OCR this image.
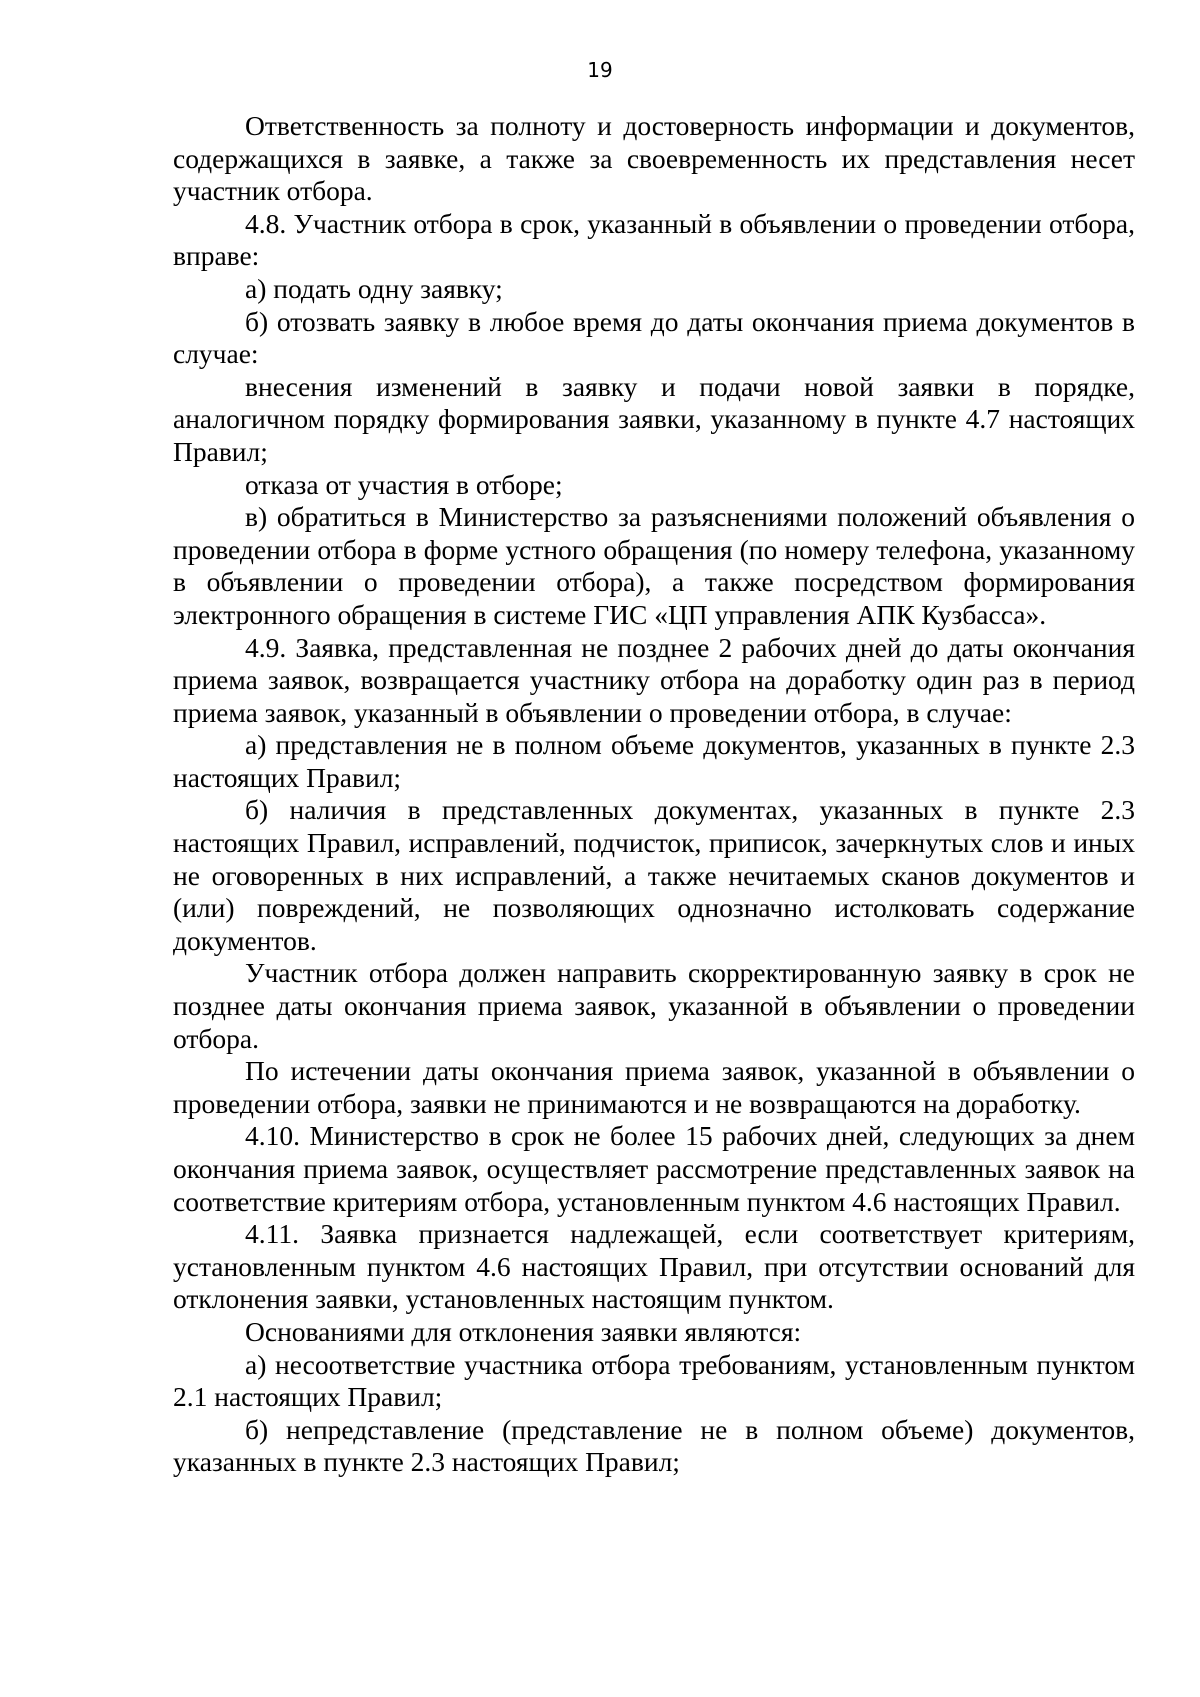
19

Ответственность за полноту и достоверность информации и документов, содержащихся в заявке, а также за своевременность их представления несет участник отбора.

4.8. Участник отбора в срок, указанный в объявлении о проведении отбора, вправе:

а) подать одну заявку;

б) отозвать заявку в любое время до даты окончания приема документов в случае:

внесения изменений в заявку и подачи новой заявки в порядке, аналогичном порядку формирования заявки, указанному в пункте 4.7 настоящих Правил;

отказа от участия в отборе;

в) обратиться в Министерство за разъяснениями положений объявления о проведении отбора в форме устного обращения (по номеру телефона, указанному в объявлении о проведении отбора), а также посредством формирования электронного обращения в системе ГИС «ЦП управления АПК Кузбасса».

4.9. Заявка, представленная не позднее 2 рабочих дней до даты окончания приема заявок, возвращается участнику отбора на доработку один раз в период приема заявок, указанный в объявлении о проведении отбора, в случае:

а) представления не в полном объеме документов, указанных в пункте 2.3 настоящих Правил;

б) наличия в представленных документах, указанных в пункте 2.3 настоящих Правил, исправлений, подчисток, приписок, зачеркнутых слов и иных не оговоренных в них исправлений, а также нечитаемых сканов документов и (или) повреждений, не позволяющих однозначно истолковать содержание документов.

Участник отбора должен направить скорректированную заявку в срок не позднее даты окончания приема заявок, указанной в объявлении о проведении отбора.

По истечении даты окончания приема заявок, указанной в объявлении о проведении отбора, заявки не принимаются и не возвращаются на доработку.

4.10. Министерство в срок не более 15 рабочих дней, следующих за днем окончания приема заявок, осуществляет рассмотрение представленных заявок на соответствие критериям отбора, установленным пунктом 4.6 настоящих Правил.

4.11. Заявка признается надлежащей, если соответствует критериям, установленным пунктом 4.6 настоящих Правил, при отсутствии оснований для отклонения заявки, установленных настоящим пунктом.

Основаниями для отклонения заявки являются:

а) несоответствие участника отбора требованиям, установленным пунктом 2.1 настоящих Правил;

б) непредставление (представление не в полном объеме) документов, указанных в пункте 2.3 настоящих Правил;
